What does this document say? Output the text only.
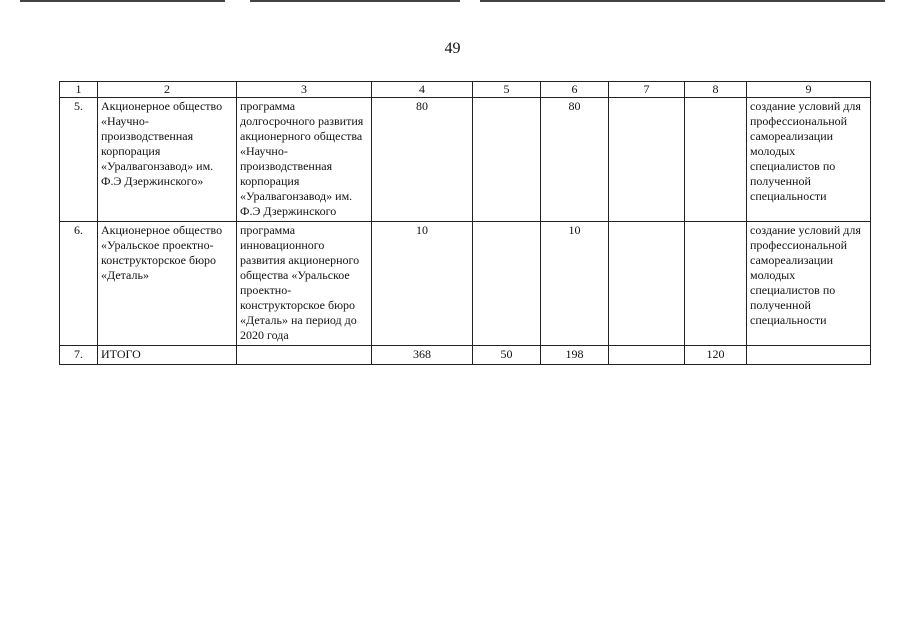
49
1	2	3	4	5	6	7	8	9
5.	Акционерное общество «Научно-производственная корпорация «Уралвагонзавод» им. Ф.Э Дзержинского»	программа долгосрочного развития акционерного общества «Научно-производственная корпорация «Уралвагонзавод» им. Ф.Э Дзержинского	80		80			создание условий для профессиональной самореализации молодых специалистов по полученной специальности
6.	Акционерное общество «Уральское проектно-конструкторское бюро «Деталь»	программа инновационного развития акционерного общества «Уральское проектно-конструкторское бюро «Деталь» на период до 2020 года	10		10			создание условий для профессиональной самореализации молодых специалистов по полученной специальности
7.	ИТОГО		368	50	198		120	
